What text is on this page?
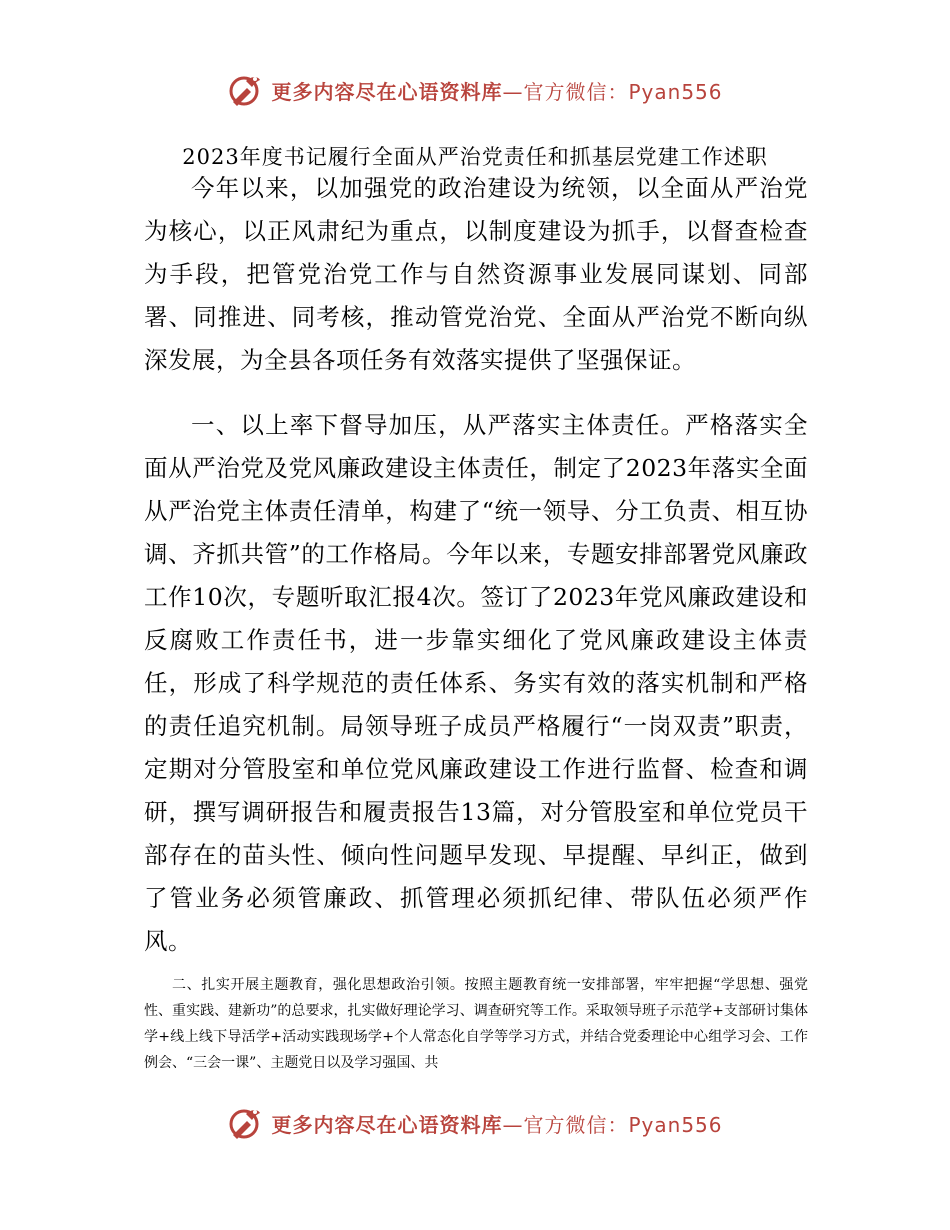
更多内容尽在心语资料库—官方微信：Pyan556
2023年度书记履行全面从严治党责任和抓基层党建工作述职

今年以来，以加强党的政治建设为统领，以全面从严治党为核心，以正风肃纪为重点，以制度建设为抓手，以督查检查为手段，把管党治党工作与自然资源事业发展同谋划、同部署、同推进、同考核，推动管党治党、全面从严治党不断向纵深发展，为全县各项任务有效落实提供了坚强保证。

一、以上率下督导加压，从严落实主体责任。严格落实全面从严治党及党风廉政建设主体责任，制定了2023年落实全面从严治党主体责任清单，构建了“统一领导、分工负责、相互协调、齐抓共管”的工作格局。今年以来，专题安排部署党风廉政工作10次，专题听取汇报4次。签订了2023年党风廉政建设和反腐败工作责任书，进一步靠实细化了党风廉政建设主体责任，形成了科学规范的责任体系、务实有效的落实机制和严格的责任追究机制。局领导班子成员严格履行“一岗双责”职责，定期对分管股室和单位党风廉政建设工作进行监督、检查和调研，撰写调研报告和履责报告13篇，对分管股室和单位党员干部存在的苗头性、倾向性问题早发现、早提醒、早纠正，做到了管业务必须管廉政、抓管理必须抓纪律、带队伍必须严作风。

二、扎实开展主题教育，强化思想政治引领。按照主题教育统一安排部署，牢牢把握“学思想、强党性、重实践、建新功”的总要求，扎实做好理论学习、调查研究等工作。采取领导班子示范学+支部研讨集体学+线上线下导活学+活动实践现场学+个人常态化自学等学习方式，并结合党委理论中心组学习会、工作例会、“三会一课”、主题党日以及学习强国、共

更多内容尽在心语资料库—官方微信：Pyan556
